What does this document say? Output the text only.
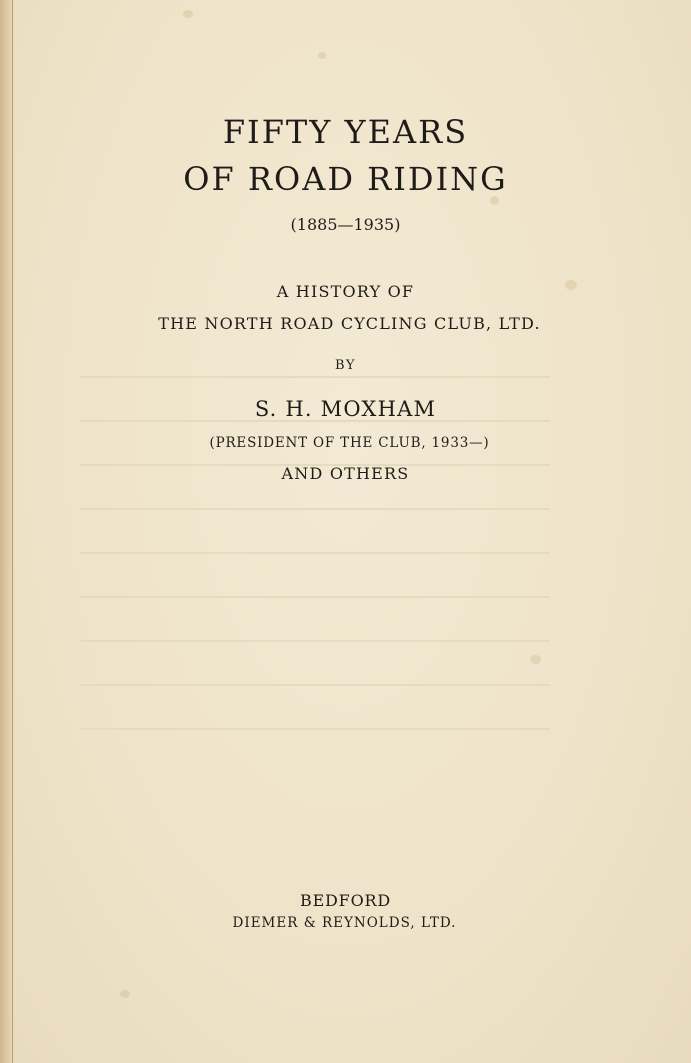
FIFTY YEARS
OF ROAD RIDING
(1885—1935)
A HISTORY OF
THE NORTH ROAD CYCLING CLUB, LTD.
BY
S. H. MOXHAM
(PRESIDENT OF THE CLUB, 1933—)
AND OTHERS
BEDFORD
DIEMER & REYNOLDS, LTD.
